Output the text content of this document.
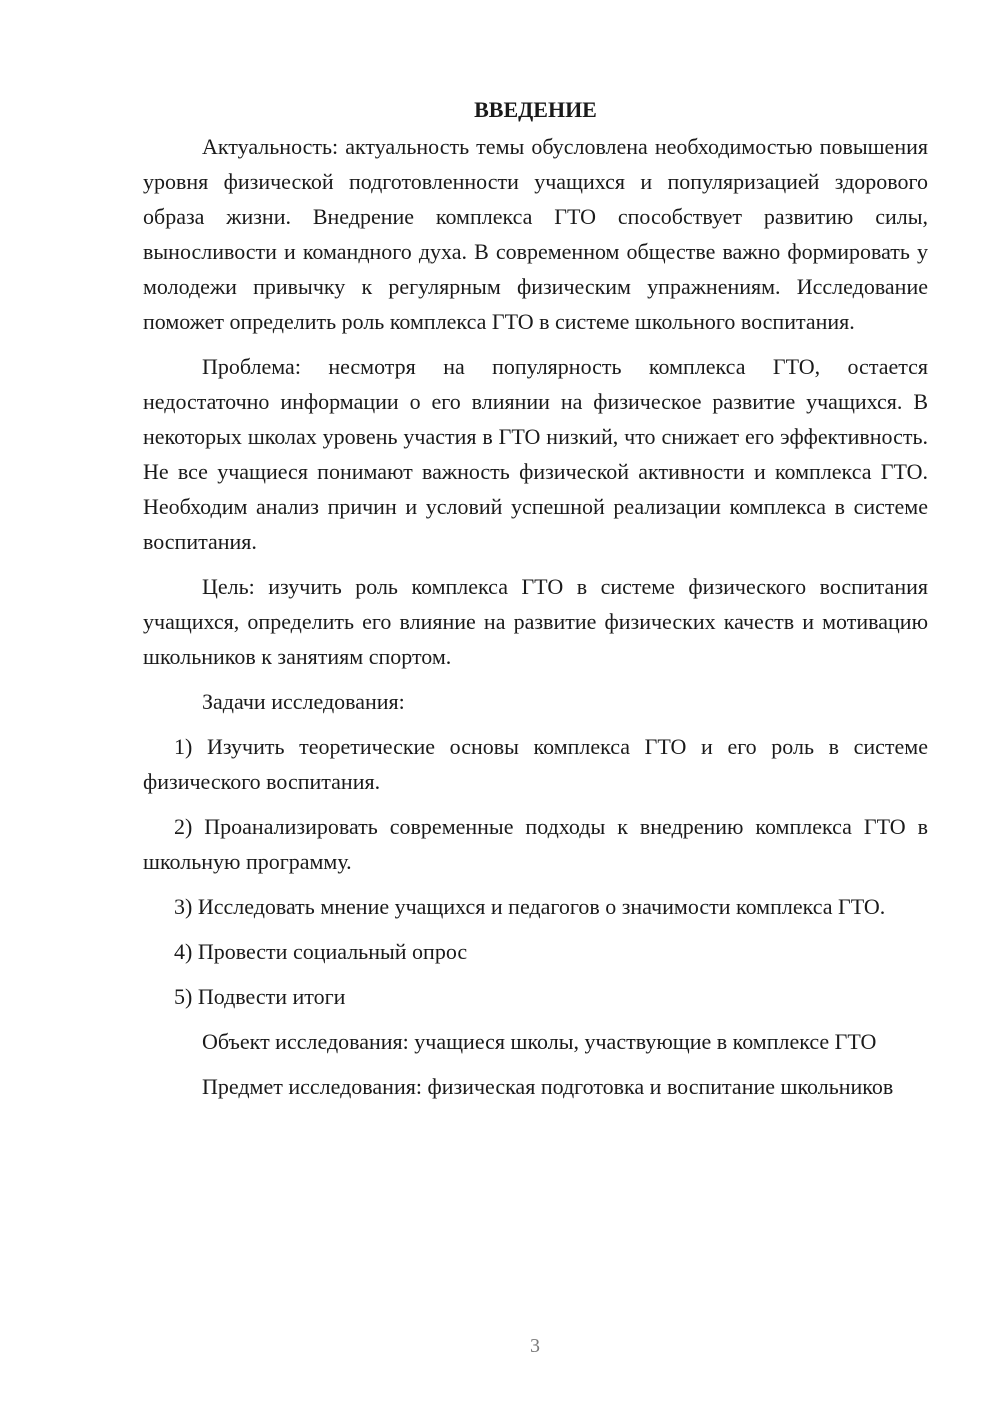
ВВЕДЕНИЕ

Актуальность: актуальность темы обусловлена необходимостью повышения уровня физической подготовленности учащихся и популяризацией здорового образа жизни. Внедрение комплекса ГТО способствует развитию силы, выносливости и командного духа. В современном обществе важно формировать у молодежи привычку к регулярным физическим упражнениям. Исследование поможет определить роль комплекса ГТО в системе школьного воспитания.

Проблема: несмотря на популярность комплекса ГТО, остается недостаточно информации о его влиянии на физическое развитие учащихся. В некоторых школах уровень участия в ГТО низкий, что снижает его эффективность. Не все учащиеся понимают важность физической активности и комплекса ГТО. Необходим анализ причин и условий успешной реализации комплекса в системе воспитания.

Цель: изучить роль комплекса ГТО в системе физического воспитания учащихся, определить его влияние на развитие физических качеств и мотивацию школьников к занятиям спортом.

Задачи исследования:

1) Изучить теоретические основы комплекса ГТО и его роль в системе физического воспитания.

2) Проанализировать современные подходы к внедрению комплекса ГТО в школьную программу.

3) Исследовать мнение учащихся и педагогов о значимости комплекса ГТО.

4) Провести социальный опрос

5) Подвести итоги

Объект исследования: учащиеся школы, участвующие в комплексе ГТО

Предмет исследования: физическая подготовка и воспитание школьников

3
